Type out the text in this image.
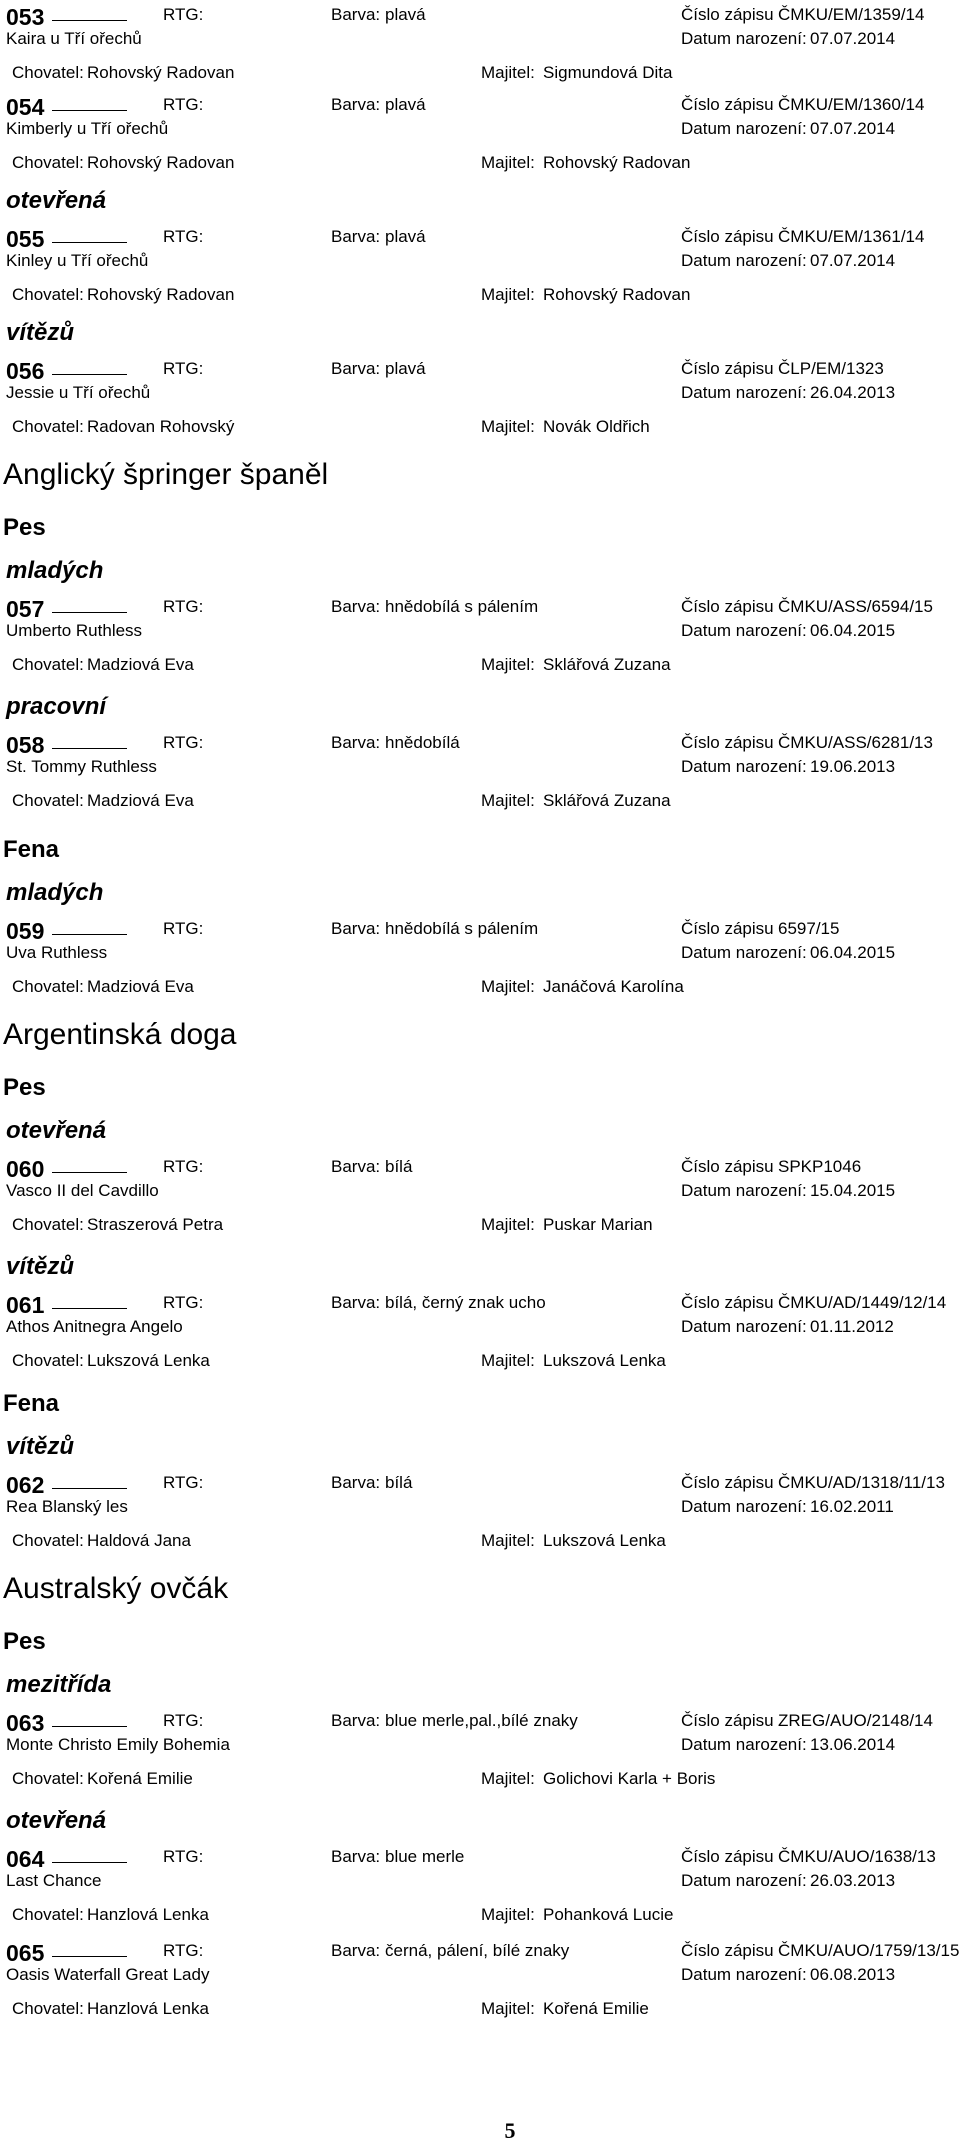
053	RTG:	Barva: plavá	Číslo zápisu ČMKU/EM/1359/14
Kaira u Tří ořechů	Datum narození: 07.07.2014
Chovatel: Rohovský Radovan	Majitel: Sigmundová Dita
054	RTG:	Barva: plavá	Číslo zápisu ČMKU/EM/1360/14
Kimberly u Tří ořechů	Datum narození: 07.07.2014
Chovatel: Rohovský Radovan	Majitel: Rohovský Radovan
otevřená
055	RTG:	Barva: plavá	Číslo zápisu ČMKU/EM/1361/14
Kinley u Tří ořechů	Datum narození: 07.07.2014
Chovatel: Rohovský Radovan	Majitel: Rohovský Radovan
vítězů
056	RTG:	Barva: plavá	Číslo zápisu ČLP/EM/1323
Jessie u Tří ořechů	Datum narození: 26.04.2013
Chovatel: Radovan Rohovský	Majitel: Novák Oldřich
Anglický špringer španěl
Pes
mladých
057	RTG:	Barva: hnědobílá s pálením	Číslo zápisu ČMKU/ASS/6594/15
Umberto Ruthless	Datum narození: 06.04.2015
Chovatel: Madziová Eva	Majitel: Sklářová Zuzana
pracovní
058	RTG:	Barva: hnědobílá	Číslo zápisu ČMKU/ASS/6281/13
St. Tommy Ruthless	Datum narození: 19.06.2013
Chovatel: Madziová Eva	Majitel: Sklářová Zuzana
Fena
mladých
059	RTG:	Barva: hnědobílá s pálením	Číslo zápisu 6597/15
Uva Ruthless	Datum narození: 06.04.2015
Chovatel: Madziová Eva	Majitel: Janáčová Karolína
Argentinská doga
Pes
otevřená
060	RTG:	Barva: bílá	Číslo zápisu SPKP1046
Vasco II del Cavdillo	Datum narození: 15.04.2015
Chovatel: Straszerová Petra	Majitel: Puskar Marian
vítězů
061	RTG:	Barva: bílá, černý znak ucho	Číslo zápisu ČMKU/AD/1449/12/14
Athos Anitnegra Angelo	Datum narození: 01.11.2012
Chovatel: Lukszová Lenka	Majitel: Lukszová Lenka
Fena
vítězů
062	RTG:	Barva: bílá	Číslo zápisu ČMKU/AD/1318/11/13
Rea Blanský les	Datum narození: 16.02.2011
Chovatel: Haldová Jana	Majitel: Lukszová Lenka
Australský ovčák
Pes
mezitřída
063	RTG:	Barva: blue merle,pal.,bílé znaky	Číslo zápisu ZREG/AUO/2148/14
Monte Christo Emily Bohemia	Datum narození: 13.06.2014
Chovatel: Kořená Emilie	Majitel: Golichovi Karla + Boris
otevřená
064	RTG:	Barva: blue merle	Číslo zápisu ČMKU/AUO/1638/13
Last Chance	Datum narození: 26.03.2013
Chovatel: Hanzlová Lenka	Majitel: Pohanková Lucie
065	RTG:	Barva: černá, pálení, bílé znaky	Číslo zápisu ČMKU/AUO/1759/13/15
Oasis Waterfall Great Lady	Datum narození: 06.08.2013
Chovatel: Hanzlová Lenka	Majitel: Kořená Emilie
5
